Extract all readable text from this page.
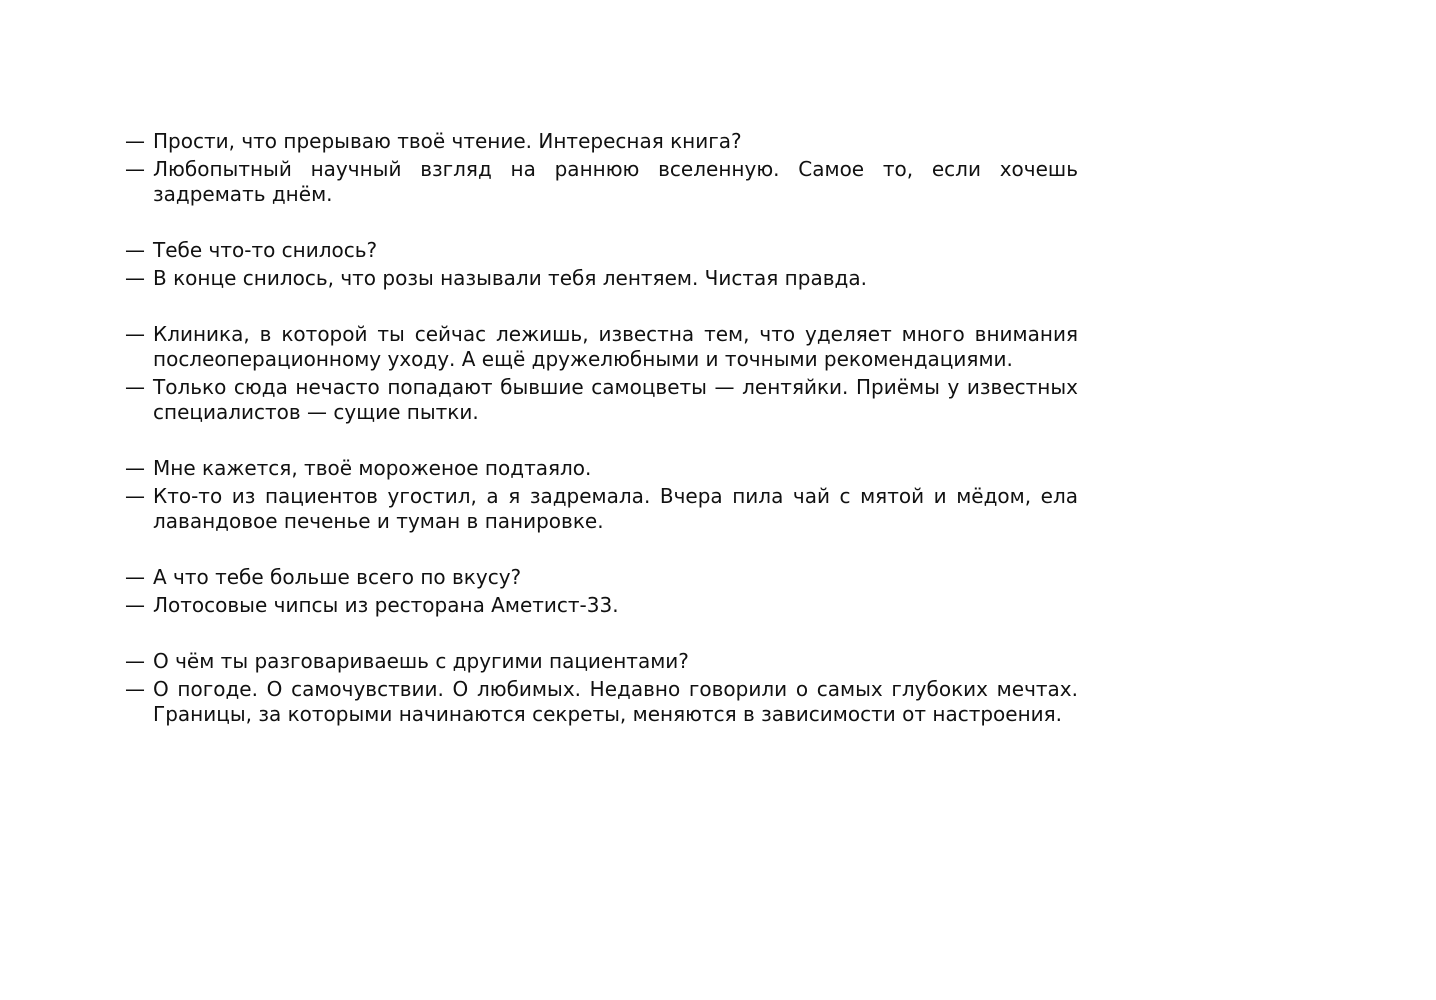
— Прости, что прерываю твоё чтение. Интересная книга?
— Любопытный научный взгляд на раннюю вселенную. Самое то, если хочешь задремать днём.
— Тебе что-то снилось?
— В конце снилось, что розы называли тебя лентяем. Чистая правда.
— Клиника, в которой ты сейчас лежишь, известна тем, что уделяет много внимания послеоперационному уходу. А ещё дружелюбными и точными рекомендациями.
— Только сюда нечасто попадают бывшие самоцветы — лентяйки. Приёмы у известных специалистов — сущие пытки.
— Мне кажется, твоё мороженое подтаяло.
— Кто-то из пациентов угостил, а я задремала. Вчера пила чай с мятой и мёдом, ела лавандовое печенье и туман в панировке.
— А что тебе больше всего по вкусу?
— Лотосовые чипсы из ресторана Аметист-33.
— О чём ты разговариваешь с другими пациентами?
— О погоде. О самочувствии. О любимых. Недавно говорили о самых глубоких мечтах. Границы, за которыми начинаются секреты, меняются в зависимости от настроения.
